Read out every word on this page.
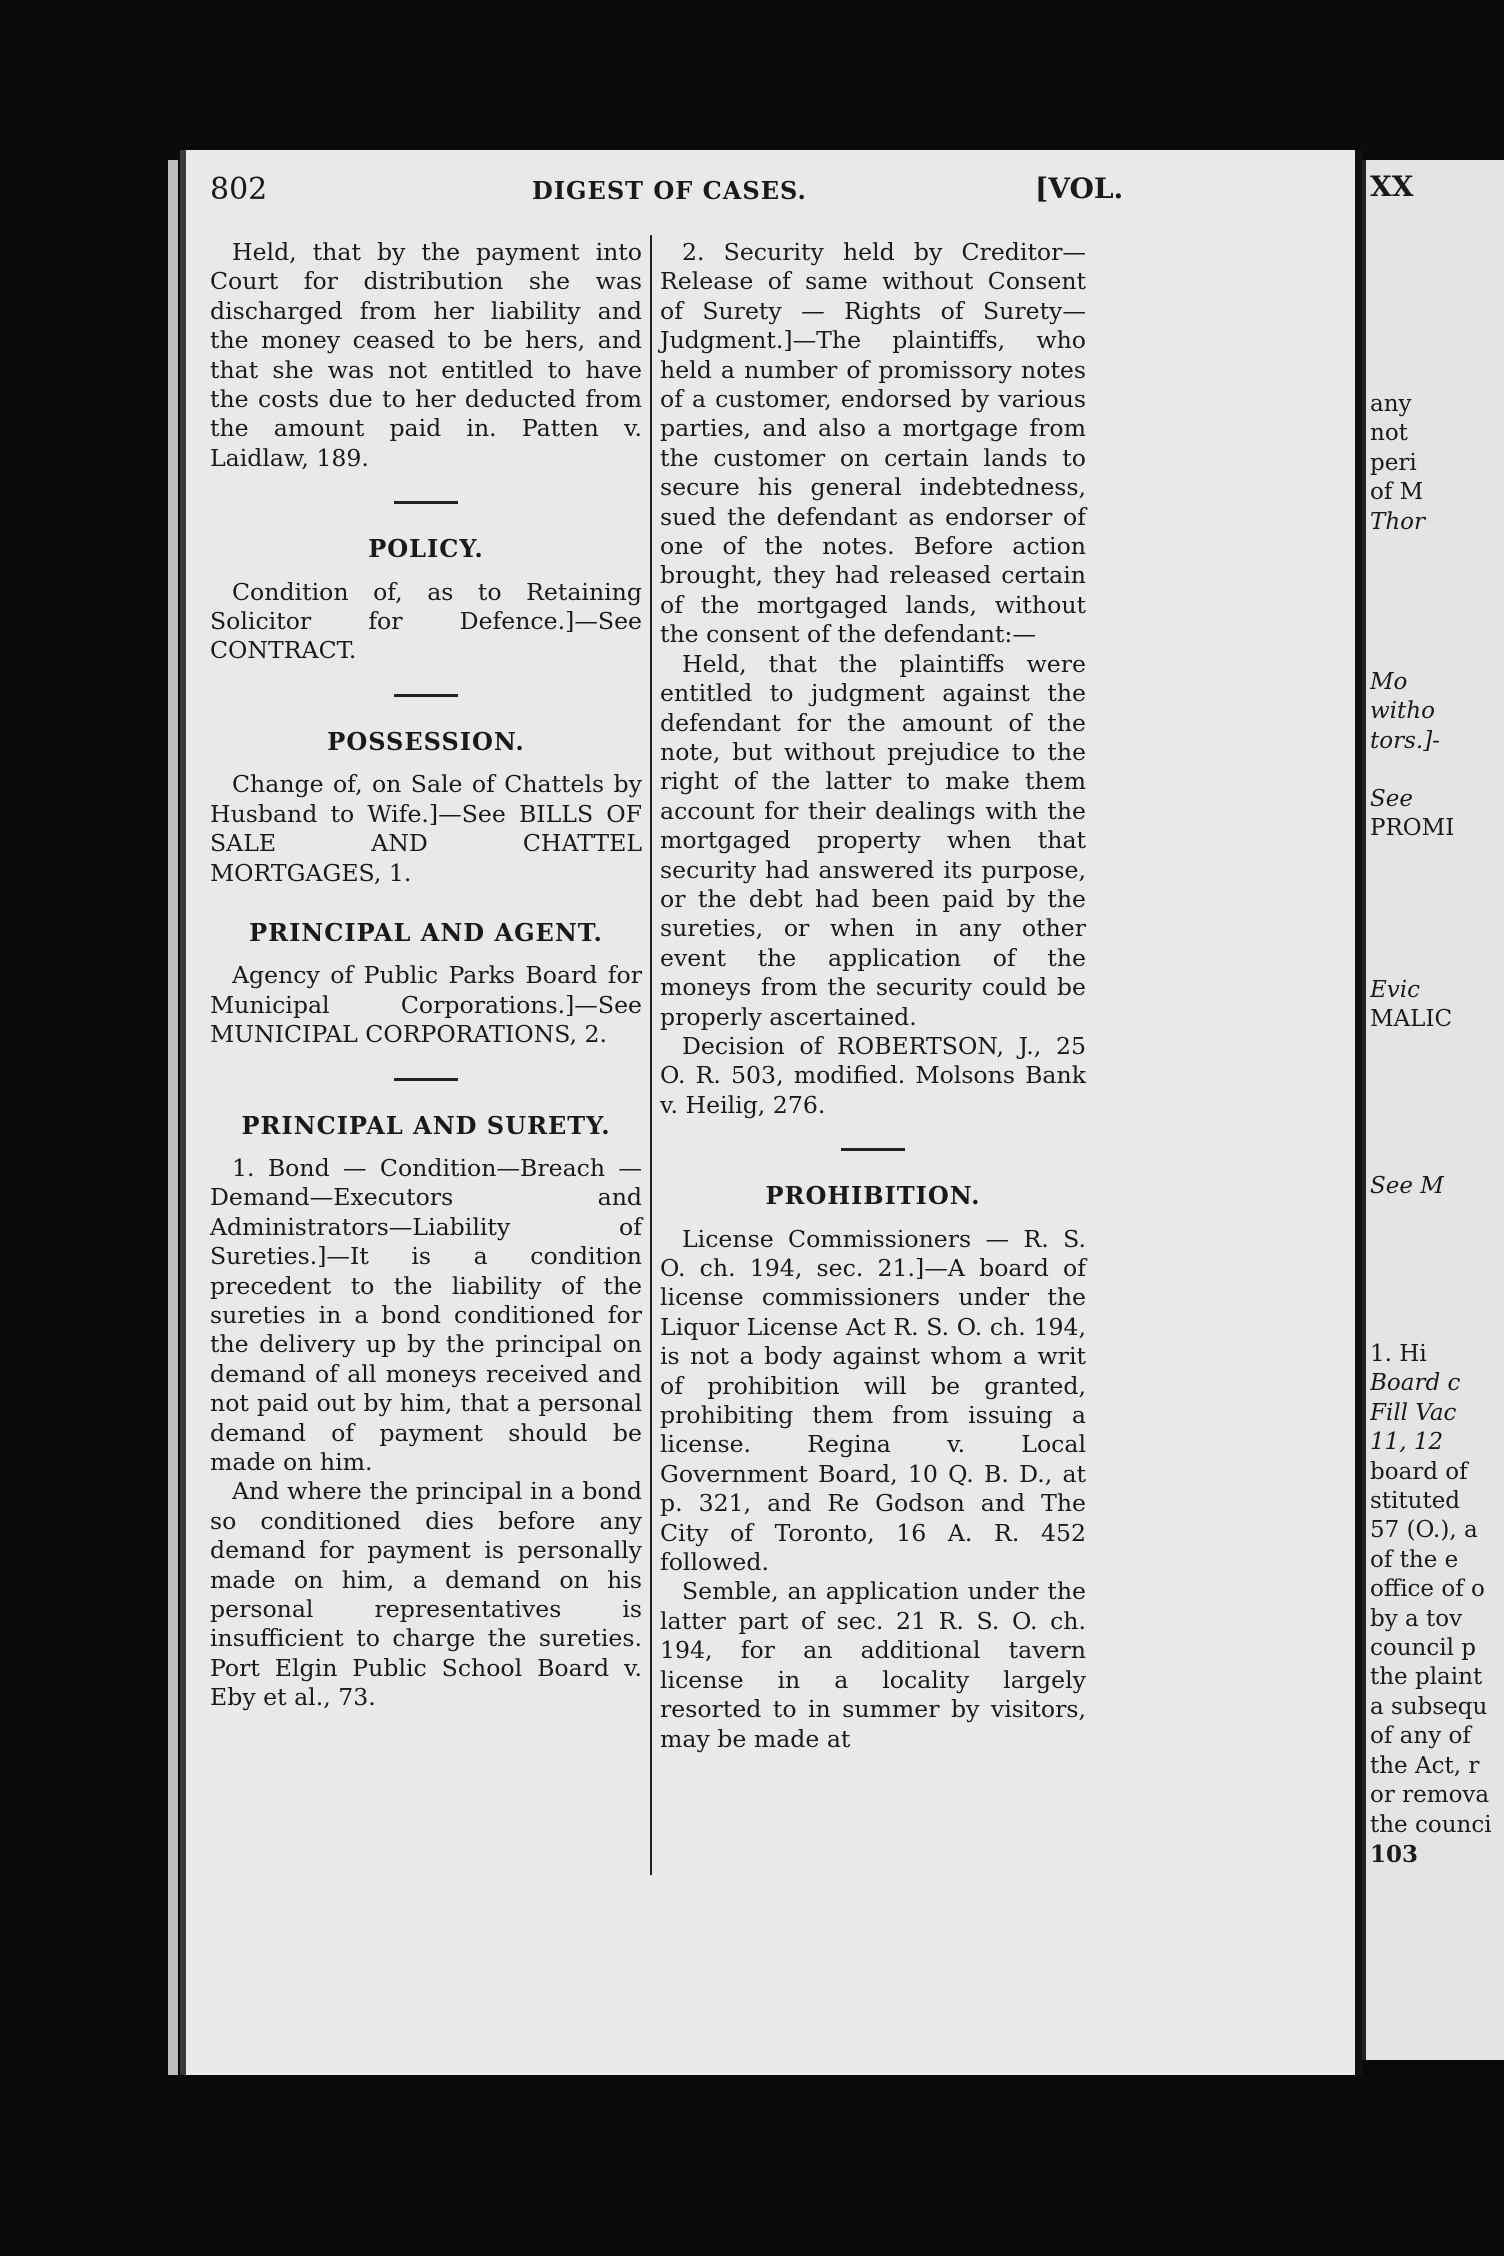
802	DIGEST OF CASES.	[VOL.

Held, that by the payment into Court for distribution she was discharged from her liability and the money ceased to be hers, and that she was not entitled to have the costs due to her deducted from the amount paid in. Patten v. Laidlaw, 189.

POLICY.

Condition of, as to Retaining Solicitor for Defence.]—See CONTRACT.

POSSESSION.

Change of, on Sale of Chattels by Husband to Wife.]—See BILLS OF SALE AND CHATTEL MORTGAGES, 1.

PRINCIPAL AND AGENT.

Agency of Public Parks Board for Municipal Corporations.]—See MUNICIPAL CORPORATIONS, 2.

PRINCIPAL AND SURETY.

1. Bond — Condition—Breach — Demand—Executors and Administrators—Liability of Sureties.]—It is a condition precedent to the liability of the sureties in a bond conditioned for the delivery up by the principal on demand of all moneys received and not paid out by him, that a personal demand of payment should be made on him.

And where the principal in a bond so conditioned dies before any demand for payment is personally made on him, a demand on his personal representatives is insufficient to charge the sureties. Port Elgin Public School Board v. Eby et al., 73.

2. Security held by Creditor—Release of same without Consent of Surety — Rights of Surety—Judgment.]—The plaintiffs, who held a number of promissory notes of a customer, endorsed by various parties, and also a mortgage from the customer on certain lands to secure his general indebtedness, sued the defendant as endorser of one of the notes. Before action brought, they had released certain of the mortgaged lands, without the consent of the defendant:—

Held, that the plaintiffs were entitled to judgment against the defendant for the amount of the note, but without prejudice to the right of the latter to make them account for their dealings with the mortgaged property when that security had answered its purpose, or the debt had been paid by the sureties, or when in any other event the application of the moneys from the security could be properly ascertained.

Decision of ROBERTSON, J., 25 O. R. 503, modified. Molsons Bank v. Heilig, 276.

PROHIBITION.

License Commissioners — R. S. O. ch. 194, sec. 21.]—A board of license commissioners under the Liquor License Act R. S. O. ch. 194, is not a body against whom a writ of prohibition will be granted, prohibiting them from issuing a license. Regina v. Local Government Board, 10 Q. B. D., at p. 321, and Re Godson and The City of Toronto, 16 A. R. 452 followed.

Semble, an application under the latter part of sec. 21 R. S. O. ch. 194, for an additional tavern license in a locality largely resorted to in summer by visitors, may be made at

XX
any
not
peri
of M
Thor
Mo
witho
tors.]-
See
PROMI
Evic
MALIC
See M
1. Hi
Board c
Fill Vac
11, 12
board of
stituted
57 (O.), a
of the e
office of o
by a tov
council p
the plaint
a subsequ
of any of
the Act, r
or remova
the counci
103
